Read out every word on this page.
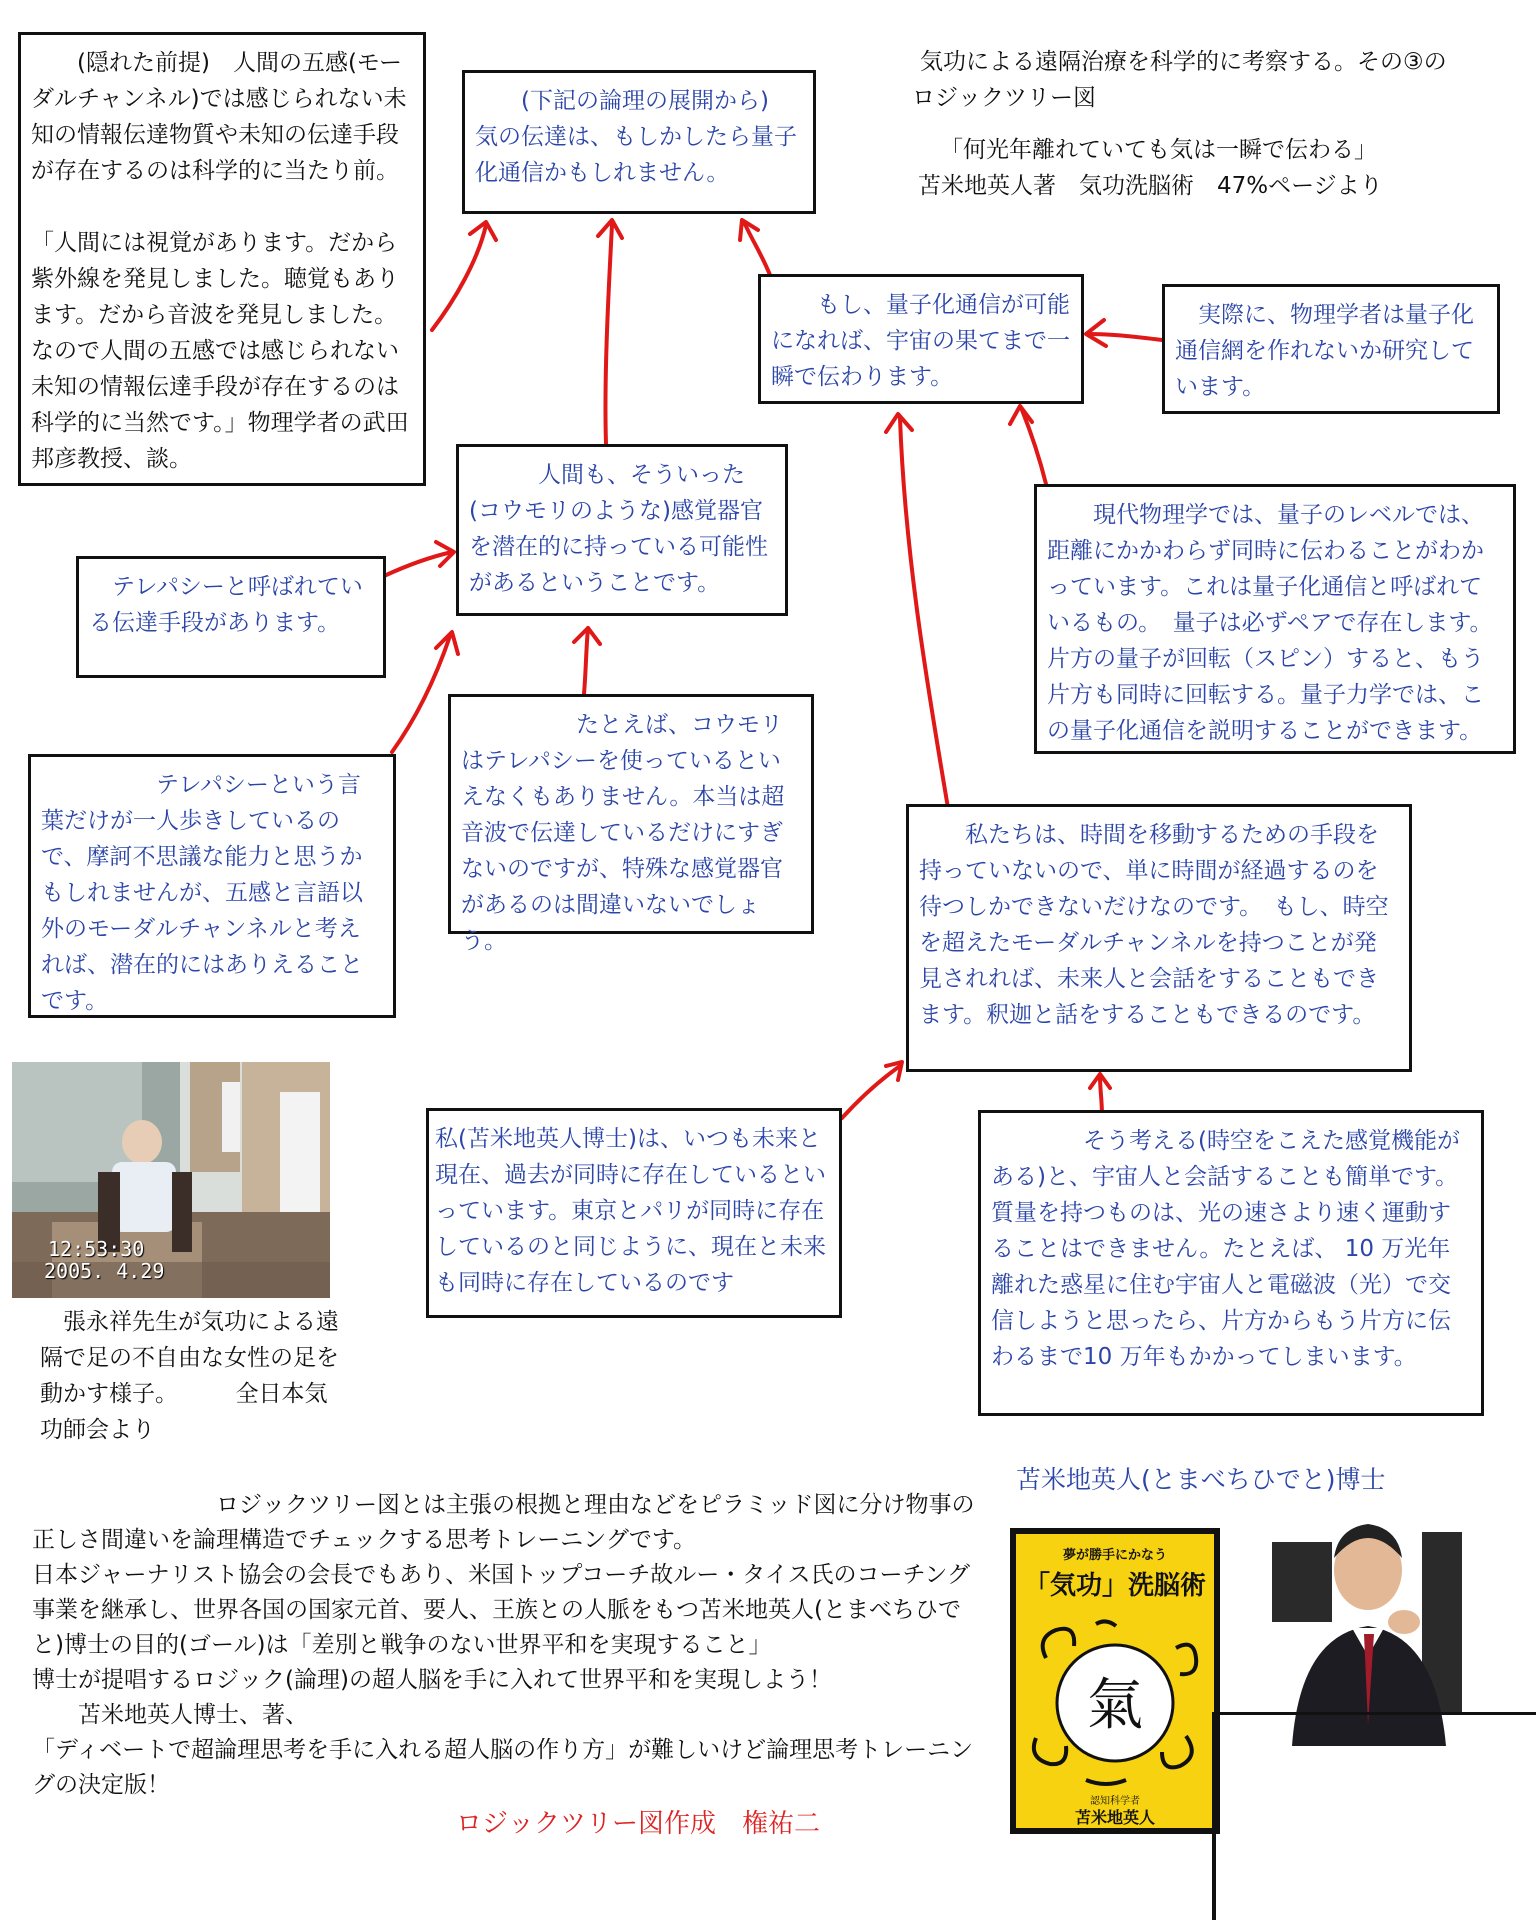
気功による遠隔治療を科学的に考察する。その③の
ロジックツリー図
「何光年離れていても気は一瞬で伝わる」
苫米地英人著　気功洗脳術　47%ページより
　　(隠れた前提)　人間の五感(モーダルチャンネル)では感じられない未知の情報伝達物質や未知の伝達手段が存在するのは科学的に当たり前。

「人間には視覚があります。だから紫外線を発見しました。聴覚もあります。だから音波を発見しました。なので人間の五感では感じられない未知の情報伝達手段が存在するのは科学的に当然です。」物理学者の武田邦彦教授、談。
　　(下記の論理の展開から)
気の伝達は、もしかしたら量子化通信かもしれません。
　　もし、量子化通信が可能になれば、宇宙の果てまで一瞬で伝わります。
　実際に、物理学者は量子化通信網を作れないか研究しています。
　　　人間も、そういった(コウモリのような)感覚器官を潜在的に持っている可能性があるということです。
　テレパシーと呼ばれている伝達手段があります。
　　現代物理学では、量子のレベルでは、距離にかかわらず同時に伝わることがわかっています。これは量子化通信と呼ばれているもの。　量子は必ずペアで存在します。片方の量子が回転（スピン）すると、もう片方も同時に回転する。量子力学では、この量子化通信を説明することができます。
　　　　　テレパシーという言葉だけが一人歩きしているので、摩訶不思議な能力と思うかもしれませんが、五感と言語以外のモーダルチャンネルと考えれば、潜在的にはありえることです。
　　　　　たとえば、コウモリはテレパシーを使っているといえなくもありません。本当は超音波で伝達しているだけにすぎないのですが、特殊な感覚器官があるのは間違いないでしょう。
　　私たちは、時間を移動するための手段を持っていないので、単に時間が経過するのを待つしかできないだけなのです。　もし、時空を超えたモーダルチャンネルを持つことが発見されれば、未来人と会話をすることもできます。釈迦と話をすることもできるのです。
私(苫米地英人博士)は、いつも未来と現在、過去が同時に存在しているといっています。東京とパリが同時に存在しているのと同じように、現在と未来も同時に存在しているのです
　　　　そう考える(時空をこえた感覚機能がある)と、宇宙人と会話することも簡単です。　質量を持つものは、光の速さより速く運動することはできません。たとえば、 10 万光年離れた惑星に住む宇宙人と電磁波（光）で交信しようと思ったら、片方からもう片方に伝わるまで10 万年もかかってしまいます。
12:53:30
2005. 4.29
　張永祥先生が気功による遠隔で足の不自由な女性の足を動かす様子。　　　全日本気功師会より
苫米地英人(とまべちひでと)博士
夢が勝手にかなう
「気功」洗脳術
氣
認知科学者
苫米地英人
　　　　　　　　ロジックツリー図とは主張の根拠と理由などをピラミッド図に分け物事の正しさ間違いを論理構造でチェックする思考トレーニングです。
日本ジャーナリスト協会の会長でもあり、米国トップコーチ故ルー・タイス氏のコーチング事業を継承し、世界各国の国家元首、要人、王族との人脈をもつ苫米地英人(とまべちひでと)博士の目的(ゴール)は「差別と戦争のない世界平和を実現すること」
博士が提唱するロジック(論理)の超人脳を手に入れて世界平和を実現しよう！
　　苫米地英人博士、著、
「ディベートで超論理思考を手に入れる超人脳の作り方」が難しいけど論理思考トレーニングの決定版！
ロジックツリー図作成　権祐二
